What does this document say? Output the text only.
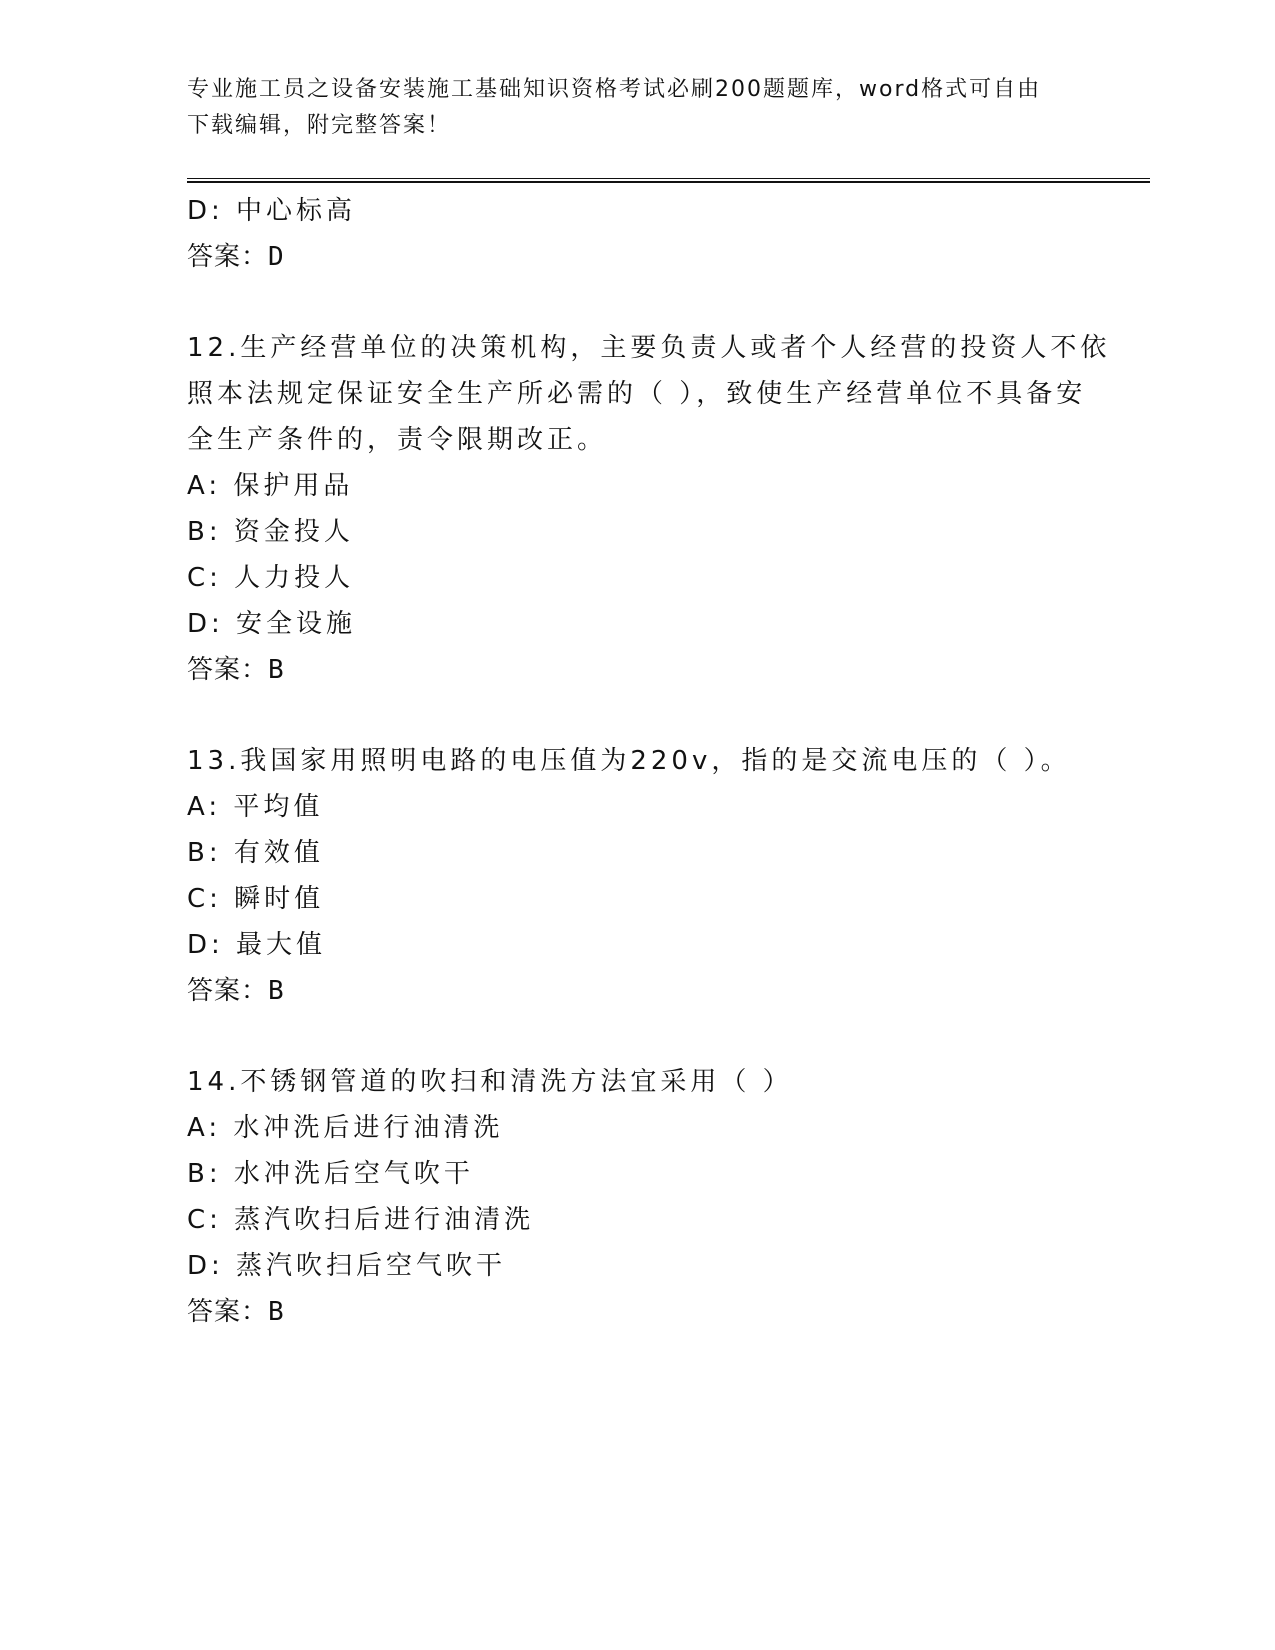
专业施工员之设备安装施工基础知识资格考试必刷200题题库，word格式可自由
下载编辑，附完整答案！
D: 中心标高
答案：D
12.生产经营单位的决策机构，主要负责人或者个人经营的投资人不依
照本法规定保证安全生产所必需的（ ），致使生产经营单位不具备安
全生产条件的，责令限期改正。
A: 保护用品
B: 资金投人
C: 人力投人
D: 安全设施
答案：B
13.我国家用照明电路的电压值为220v，指的是交流电压的（ ）。
A: 平均值
B: 有效值
C: 瞬时值
D: 最大值
答案：B
14.不锈钢管道的吹扫和清洗方法宜采用（ ）
A: 水冲洗后进行油清洗
B: 水冲洗后空气吹干
C: 蒸汽吹扫后进行油清洗
D: 蒸汽吹扫后空气吹干
答案：B
